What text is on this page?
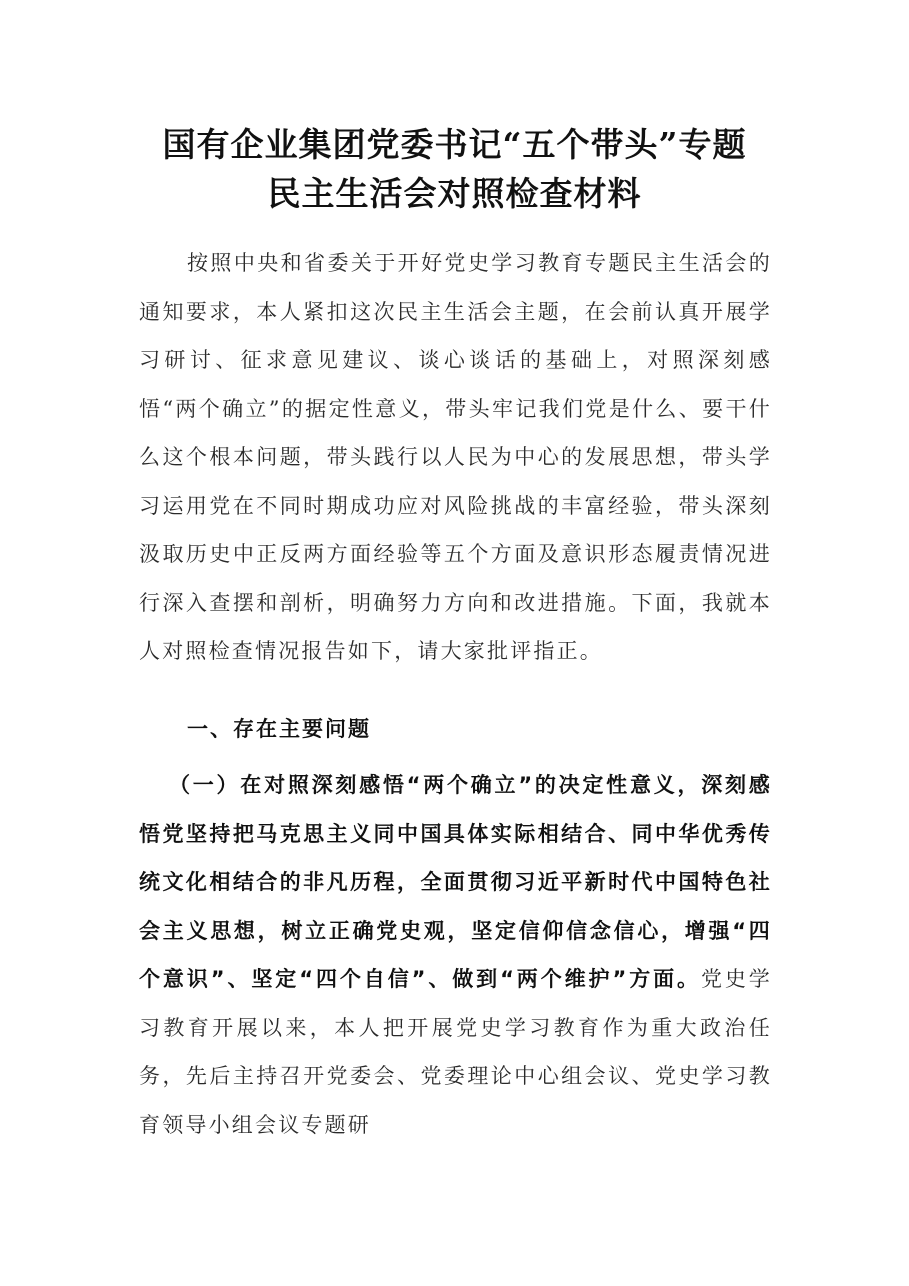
国有企业集团党委书记“五个带头”专题
民主生活会对照检查材料
按照中央和省委关于开好党史学习教育专题民主生活会的通知要求，本人紧扣这次民主生活会主题，在会前认真开展学习研讨、征求意见建议、谈心谈话的基础上，对照深刻感悟“两个确立”的据定性意义，带头牢记我们党是什么、要干什么这个根本问题，带头践行以人民为中心的发展思想，带头学习运用党在不同时期成功应对风险挑战的丰富经验，带头深刻汲取历史中正反两方面经验等五个方面及意识形态履责情况进行深入查摆和剖析，明确努力方向和改进措施。下面，我就本人对照检查情况报告如下，请大家批评指正。
一、存在主要问题
（一）在对照深刻感悟“两个确立”的决定性意义，深刻感悟党坚持把马克思主义同中国具体实际相结合、同中华优秀传统文化相结合的非凡历程，全面贯彻习近平新时代中国特色社会主义思想，树立正确党史观，坚定信仰信念信心，增强“四个意识”、坚定“四个自信”、做到“两个维护”方面。党史学习教育开展以来，本人把开展党史学习教育作为重大政治任务，先后主持召开党委会、党委理论中心组会议、党史学习教育领导小组会议专题研
